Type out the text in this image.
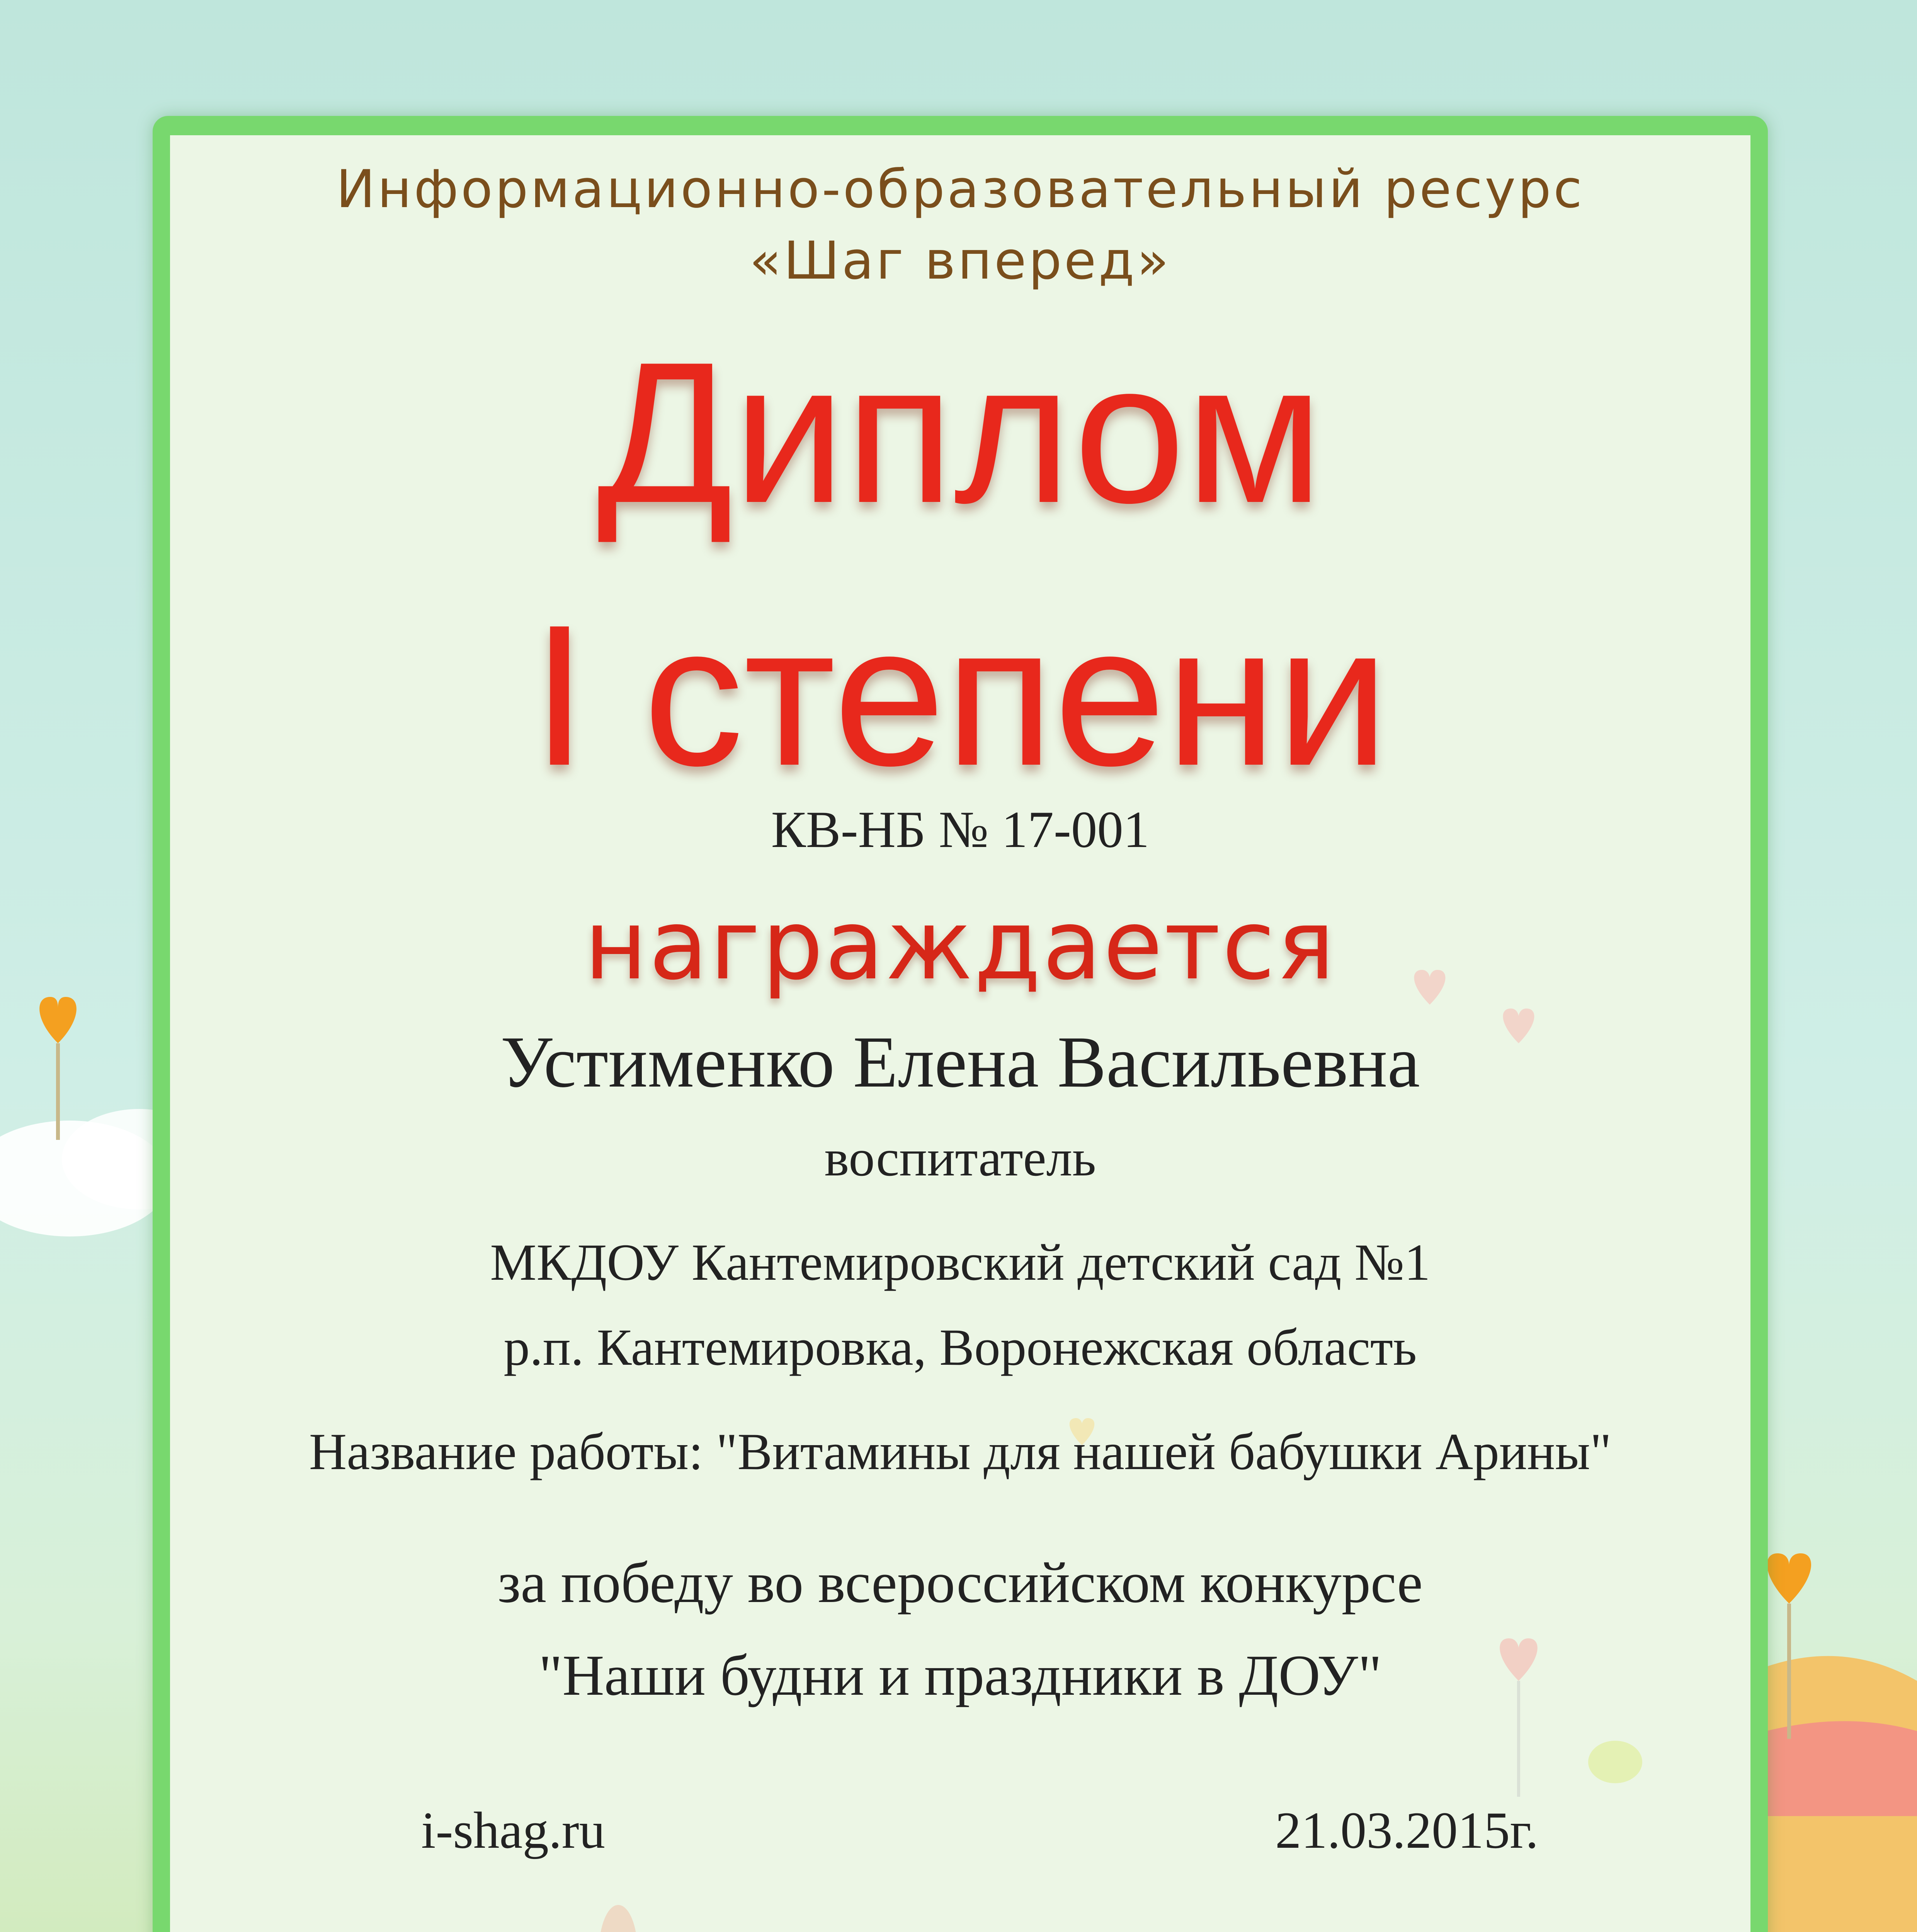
Информационно-образовательный ресурс
«Шаг вперед»
Диплом
I степени
КВ-НБ № 17-001
награждается
Устименко Елена Васильевна
воспитатель
МКДОУ Кантемировский детский сад №1
р.п. Кантемировка, Воронежская область
Название работы: "Витамины для нашей бабушки Арины"
за победу во всероссийском конкурсе
"Наши будни и праздники в ДОУ"
i-shag.ru	21.03.2015г.
